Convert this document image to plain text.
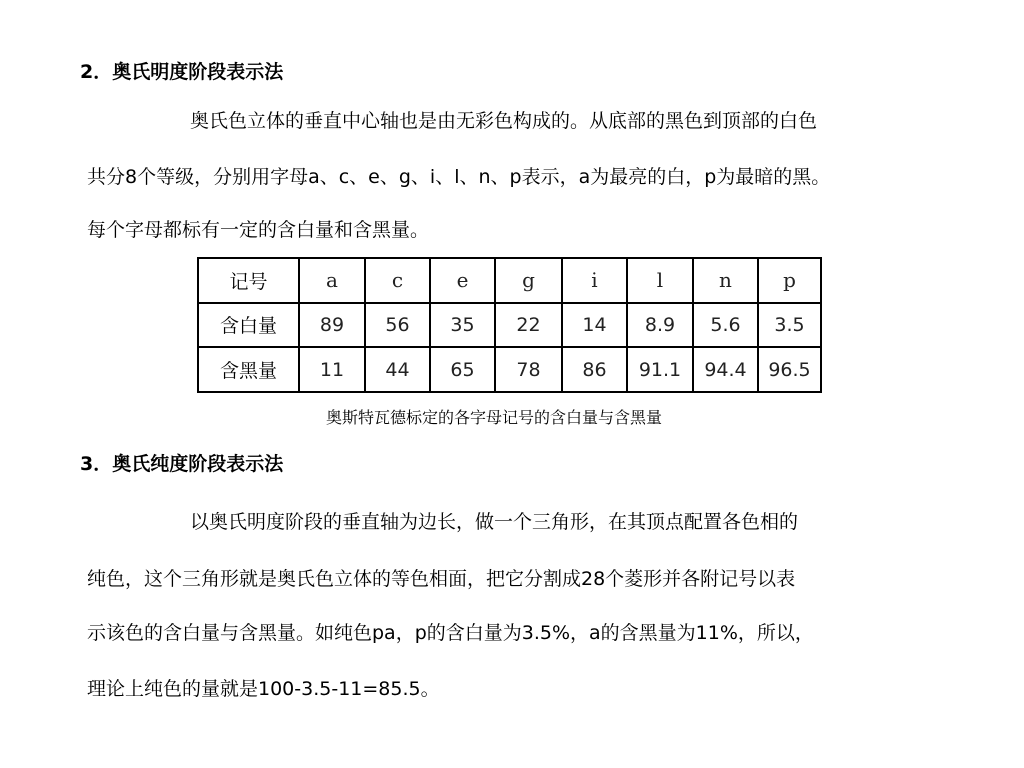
2．奥氏明度阶段表示法
奥氏色立体的垂直中心轴也是由无彩色构成的。从底部的黑色到顶部的白色
共分8个等级，分别用字母a、c、e、g、i、l、n、p表示，a为最亮的白，p为最暗的黑。
每个字母都标有一定的含白量和含黑量。
记号	a	c	e	g	i	l	n	p
含白量	89	56	35	22	14	8.9	5.6	3.5
含黑量	11	44	65	78	86	91.1	94.4	96.5
奥斯特瓦德标定的各字母记号的含白量与含黑量
3．奥氏纯度阶段表示法
以奥氏明度阶段的垂直轴为边长，做一个三角形，在其顶点配置各色相的
纯色，这个三角形就是奥氏色立体的等色相面，把它分割成28个菱形并各附记号以表
示该色的含白量与含黑量。如纯色pa，p的含白量为3.5%，a的含黑量为11%，所以，
理论上纯色的量就是100-3.5-11=85.5。
